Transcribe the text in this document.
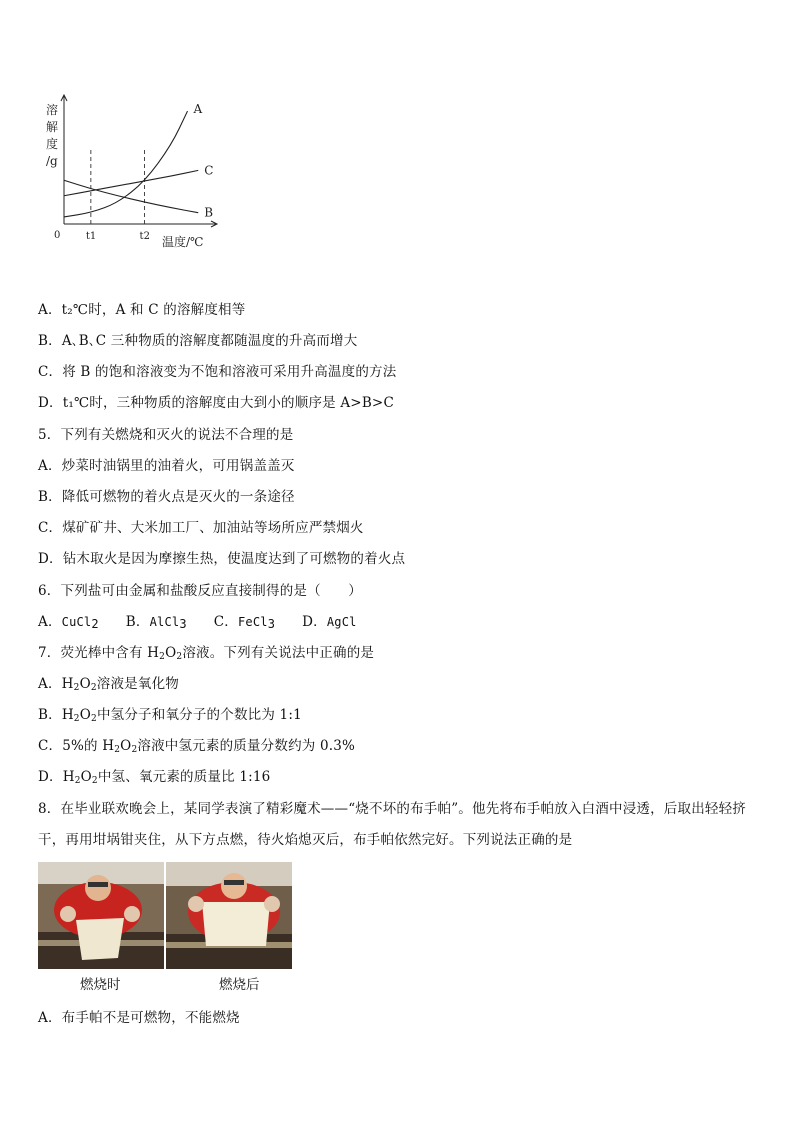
A
B
C
溶
解
度
/g
0	t1	t2 温度/℃
A．t₂℃时，A 和 C 的溶解度相等
B．A､B､C 三种物质的溶解度都随温度的升高而增大
C．将 B 的饱和溶液变为不饱和溶液可采用升高温度的方法
D．t₁℃时，三种物质的溶解度由大到小的顺序是 A>B>C
5．下列有关燃烧和灭火的说法不合理的是
A．炒菜时油锅里的油着火，可用锅盖盖灭
B．降低可燃物的着火点是灭火的一条途径
C．煤矿矿井、大米加工厂、加油站等场所应严禁烟火
D．钻木取火是因为摩擦生热，使温度达到了可燃物的着火点
6．下列盐可由金属和盐酸反应直接制得的是（　　）
A．CuCl$_2$ B．AlCl$_3$ C．FeCl$_3$ D．AgCl
7．荧光棒中含有 $H_2O_2$溶液。下列有关说法中正确的是
A．$H_2O_2$溶液是氧化物
B．$H_2O_2$中氢分子和氧分子的个数比为 1:1
C．5%的 $H_2O_2$溶液中氢元素的质量分数约为 0.3%
D．$H_2O_2$中氢、氧元素的质量比 1:16
8．在毕业联欢晚会上，某同学表演了精彩魔术——“烧不坏的布手帕”。他先将布手帕放入白酒中浸透，后取出轻轻挤
干，再用坩埚钳夹住，从下方点燃，待火焰熄灭后，布手帕依然完好。下列说法正确的是
燃烧时	燃烧后
A．布手帕不是可燃物，不能燃烧
